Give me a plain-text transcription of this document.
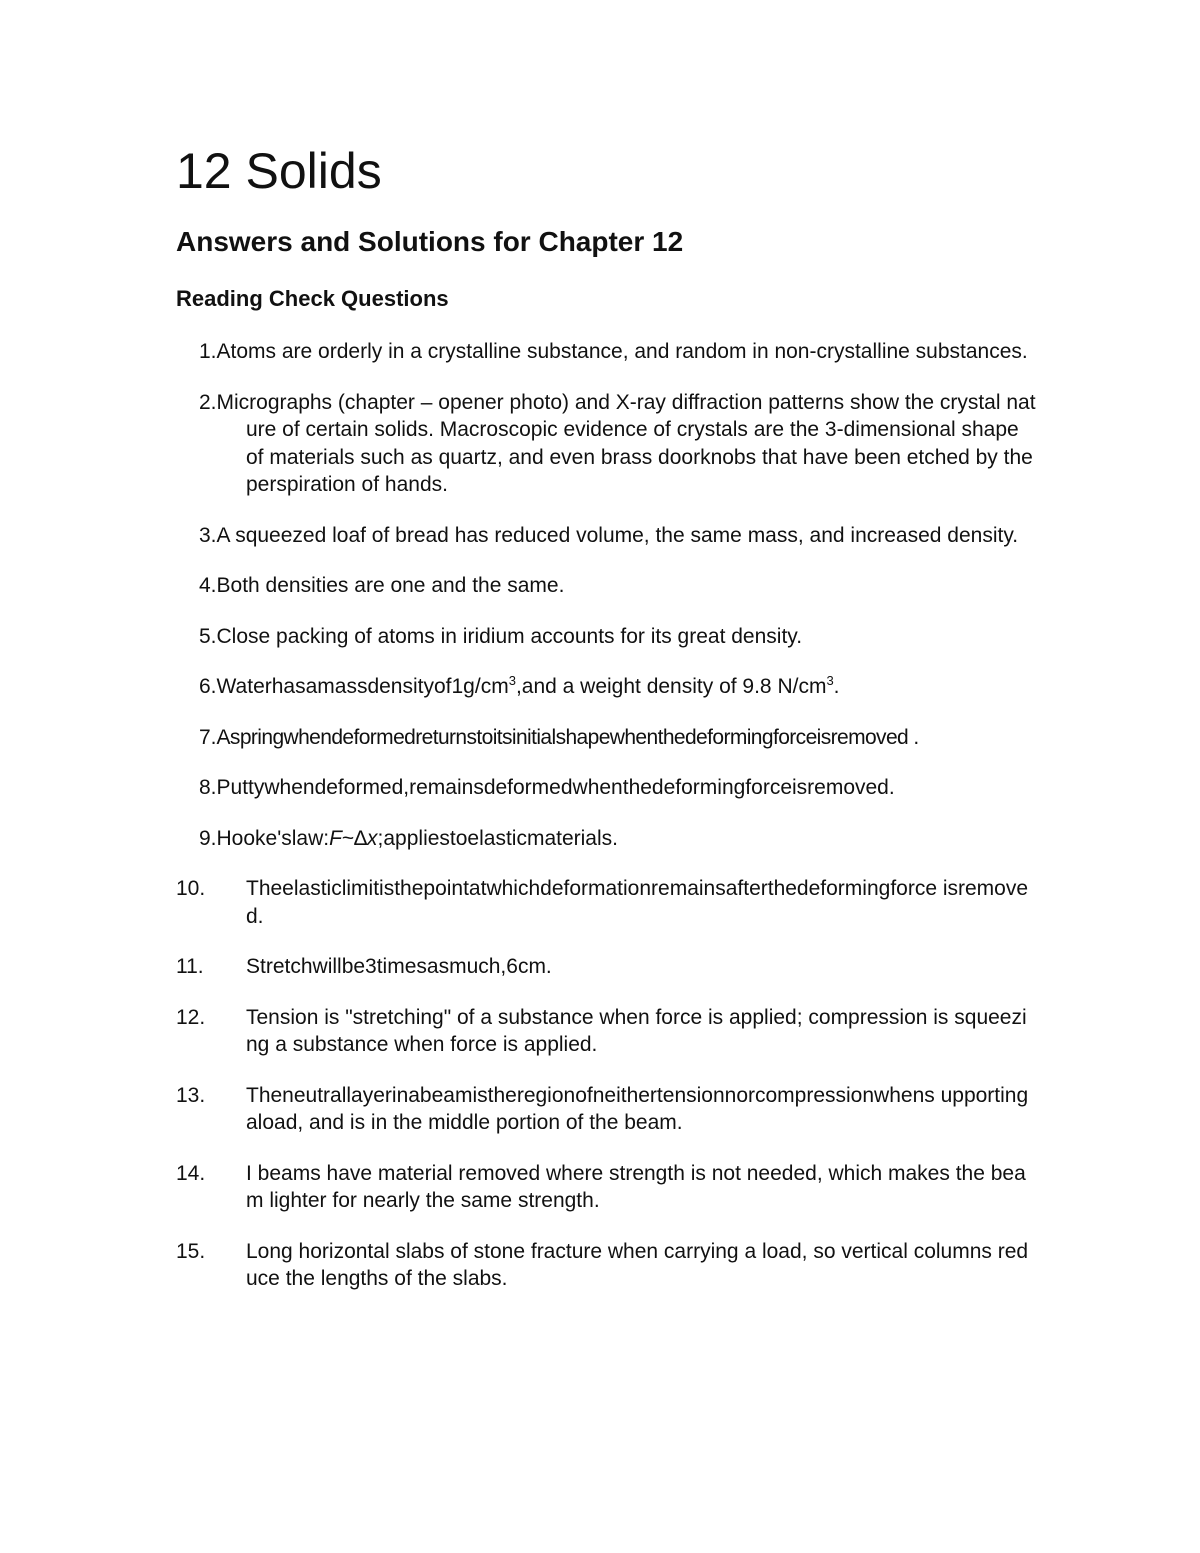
12 Solids
Answers and Solutions for Chapter 12
Reading Check Questions
1.Atoms are orderly in a crystalline substance, and random in non-crystalline substances.
2.Micrographs (chapter – opener photo) and X-ray diffraction patterns show the crystal nature of certain solids. Macroscopic evidence of crystals are the 3-dimensional shape of materials such as quartz, and even brass doorknobs that have been etched by the perspiration of hands.
3.A squeezed loaf of bread has reduced volume, the same mass, and increased density.
4.Both densities are one and the same.
5.Close packing of atoms in iridium accounts for its great density.
$6.Waterhasamassdensityof1g/cm^3,and$ a weight density of 9.8 $N/cm^3$.
7.Aspringwhendeformedreturnstoitsinitialshapewhenthedeformingforceisremoved .
8.Puttywhendeformed,remainsdeformedwhenthedeformingforceisremoved.
9.Hooke'slaw:F~∆x;appliestoelasticmaterials.
10. Theelasticlimitisthepointatwhichdeformationremainsafterthedeformingforce isremoved.
11. Stretchwillbe3timesasmuch,6cm.
12. Tension is "stretching" of a substance when force is applied; compression is squeezing a substance when force is applied.
13. Theneutrallayerinabeamistheregionofneithertensionnorcompressionwhens upportingaload, and is in the middle portion of the beam.
14. I beams have material removed where strength is not needed, which makes the beam lighter for nearly the same strength.
15. Long horizontal slabs of stone fracture when carrying a load, so vertical columns reduce the lengths of the slabs.
